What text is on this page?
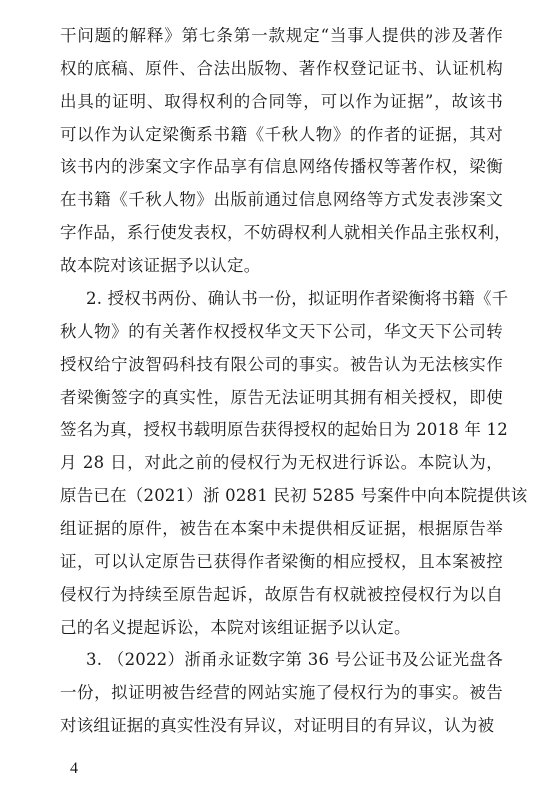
干问题的解释》第七条第一款规定“当事人提供的涉及著作
权的底稿、原件、合法出版物、著作权登记证书、认证机构
出具的证明、取得权利的合同等，可以作为证据”，故该书
可以作为认定梁衡系书籍《千秋人物》的作者的证据，其对
该书内的涉案文字作品享有信息网络传播权等著作权，梁衡
在书籍《千秋人物》出版前通过信息网络等方式发表涉案文
字作品，系行使发表权，不妨碍权利人就相关作品主张权利，
故本院对该证据予以认定。
2. 授权书两份、确认书一份，拟证明作者梁衡将书籍《千
秋人物》的有关著作权授权华文天下公司，华文天下公司转
授权给宁波智码科技有限公司的事实。被告认为无法核实作
者梁衡签字的真实性，原告无法证明其拥有相关授权，即使
签名为真，授权书载明原告获得授权的起始日为 2018 年 12
月 28 日，对此之前的侵权行为无权进行诉讼。本院认为，
原告已在（2021）浙 0281 民初 5285 号案件中向本院提供该
组证据的原件，被告在本案中未提供相反证据，根据原告举
证，可以认定原告已获得作者梁衡的相应授权，且本案被控
侵权行为持续至原告起诉，故原告有权就被控侵权行为以自
己的名义提起诉讼，本院对该组证据予以认定。
3. （2022）浙甬永证数字第 36 号公证书及公证光盘各
4
一份，拟证明被告经营的网站实施了侵权行为的事实。被告
对该组证据的真实性没有异议，对证明目的有异议，认为被
